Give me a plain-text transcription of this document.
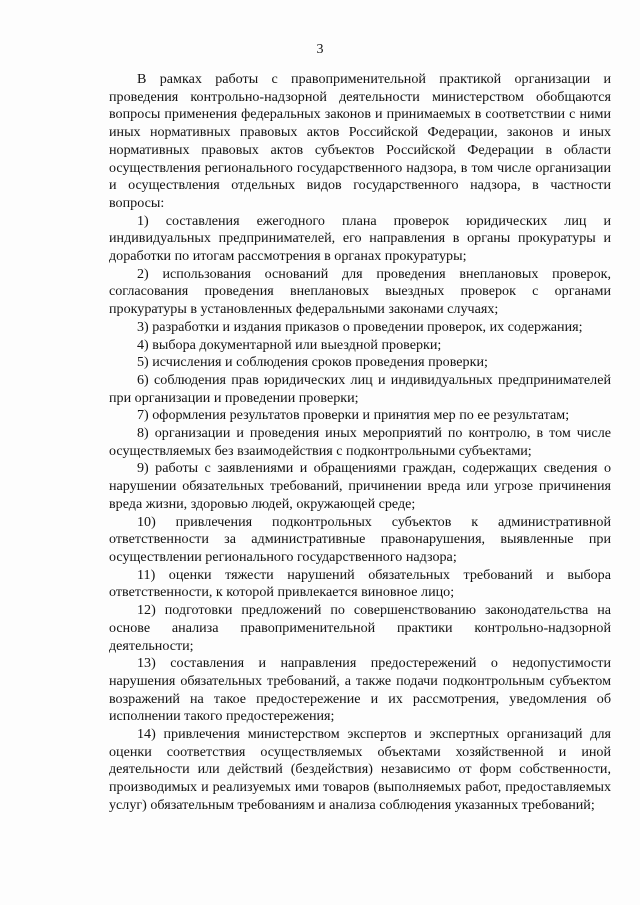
3

В рамках работы с правоприменительной практикой организации и проведения контрольно-надзорной деятельности министерством обобщаются вопросы применения федеральных законов и принимаемых в соответствии с ними иных нормативных правовых актов Российской Федерации, законов и иных нормативных правовых актов субъектов Российской Федерации в области осуществления регионального государственного надзора, в том числе организации и осуществления отдельных видов государственного надзора, в частности вопросы:

1) составления ежегодного плана проверок юридических лиц и индивидуальных предпринимателей, его направления в органы прокуратуры и доработки по итогам рассмотрения в органах прокуратуры;

2) использования оснований для проведения внеплановых проверок, согласования проведения внеплановых выездных проверок с органами прокуратуры в установленных федеральными законами случаях;

3) разработки и издания приказов о проведении проверок, их содержания;

4) выбора документарной или выездной проверки;

5) исчисления и соблюдения сроков проведения проверки;

6) соблюдения прав юридических лиц и индивидуальных предпринимателей при организации и проведении проверки;

7) оформления результатов проверки и принятия мер по ее результатам;

8) организации и проведения иных мероприятий по контролю, в том числе осуществляемых без взаимодействия с подконтрольными субъектами;

9) работы с заявлениями и обращениями граждан, содержащих сведения о нарушении обязательных требований, причинении вреда или угрозе причинения вреда жизни, здоровью людей, окружающей среде;

10) привлечения подконтрольных субъектов к административной ответственности за административные правонарушения, выявленные при осуществлении регионального государственного надзора;

11) оценки тяжести нарушений обязательных требований и выбора ответственности, к которой привлекается виновное лицо;

12) подготовки предложений по совершенствованию законодательства на основе анализа правоприменительной практики контрольно-надзорной деятельности;

13) составления и направления предостережений о недопустимости нарушения обязательных требований, а также подачи подконтрольным субъектом возражений на такое предостережение и их рассмотрения, уведомления об исполнении такого предостережения;

14) привлечения министерством экспертов и экспертных организаций для оценки соответствия осуществляемых объектами хозяйственной и иной деятельности или действий (бездействия) независимо от форм собственности, производимых и реализуемых ими товаров (выполняемых работ, предоставляемых услуг) обязательным требованиям и анализа соблюдения указанных требований;
